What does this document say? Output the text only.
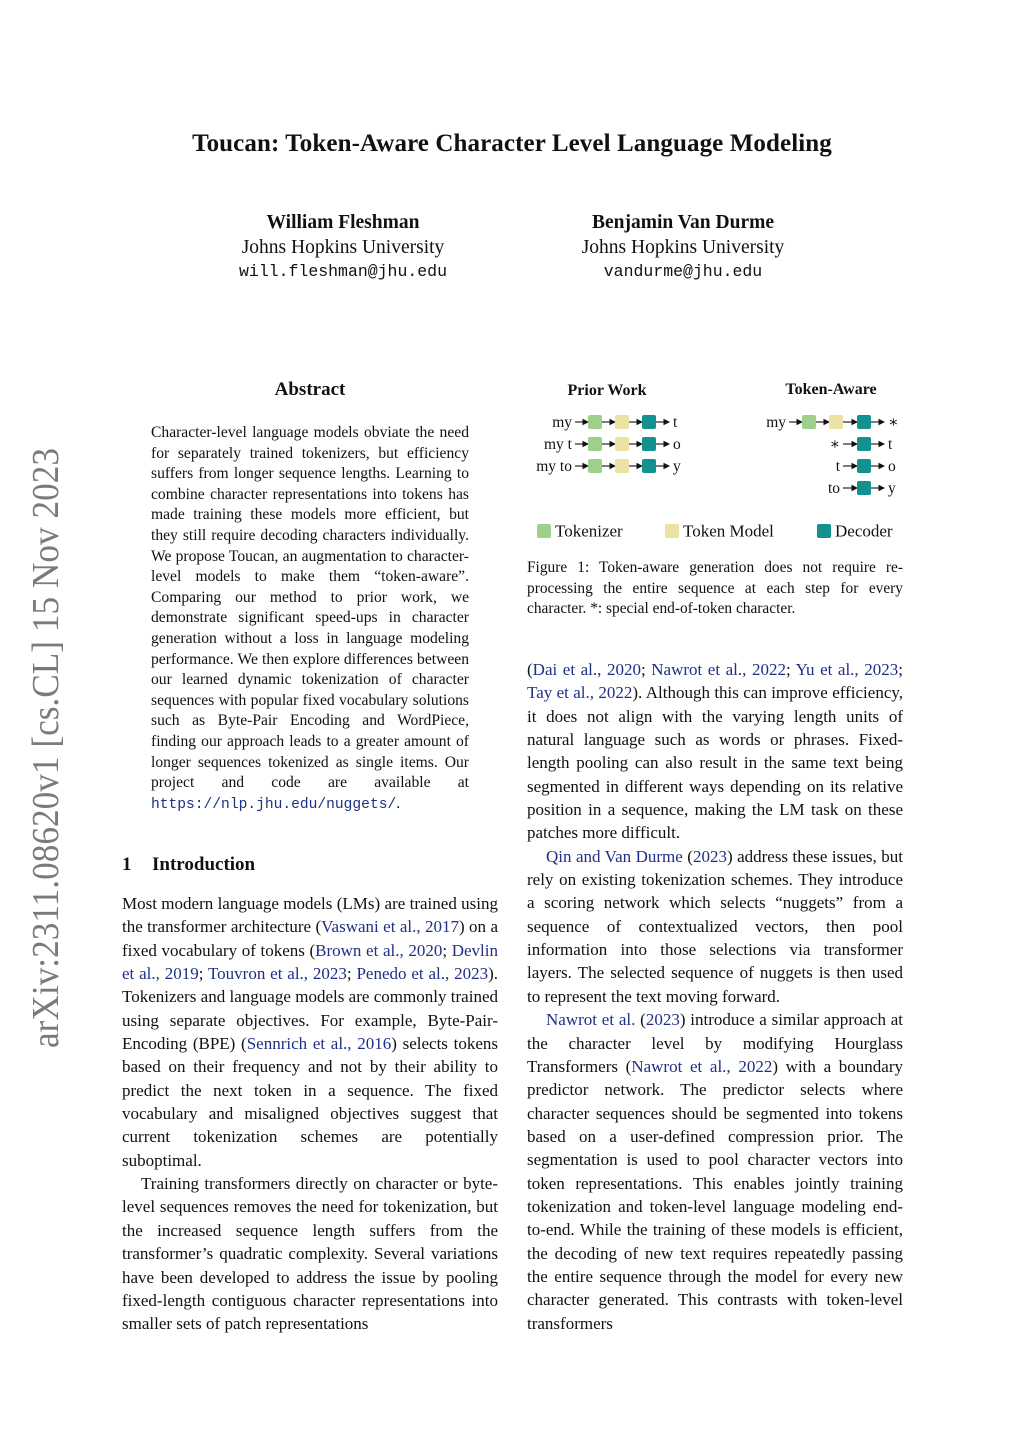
arXiv:2311.08620v1 [cs.CL] 15 Nov 2023
Toucan: Token-Aware Character Level Language Modeling
William Fleshman
Johns Hopkins University
will.fleshman@jhu.edu
Benjamin Van Durme
Johns Hopkins University
vandurme@jhu.edu
Abstract
Character-level language models obviate the need for separately trained tokenizers, but efficiency suffers from longer sequence lengths. Learning to combine character representations into tokens has made training these models more efficient, but they still require decoding characters individually. We propose Toucan, an augmentation to character-level models to make them “token-aware”. Comparing our method to prior work, we demonstrate significant speed-ups in character generation without a loss in language modeling performance. We then explore differences between our learned dynamic tokenization of character sequences with popular fixed vocabulary solutions such as Byte-Pair Encoding and WordPiece, finding our approach leads to a greater amount of longer sequences tokenized as single items. Our project and code are available at https://nlp.jhu.edu/nuggets/.
1 Introduction

Most modern language models (LMs) are trained using the transformer architecture (Vaswani et al., 2017) on a fixed vocabulary of tokens (Brown et al., 2020; Devlin et al., 2019; Touvron et al., 2023; Penedo et al., 2023). Tokenizers and language models are commonly trained using separate objectives. For example, Byte-Pair-Encoding (BPE) (Sennrich et al., 2016) selects tokens based on their frequency and not by their ability to predict the next token in a sequence. The fixed vocabulary and misaligned objectives suggest that current tokenization schemes are potentially suboptimal.

Training transformers directly on character or byte-level sequences removes the need for tokenization, but the increased sequence length suffers from the transformer’s quadratic complexity. Several variations have been developed to address the issue by pooling fixed-length contiguous character representations into smaller sets of patch representations

Prior Work	Token-Aware
my	t
my t	o
my to	y
my	∗
∗	t
t	o
to	y
Tokenizer	Token Model	Decoder
Figure 1: Token-aware generation does not require re-processing the entire sequence at each step for every character. *: special end-of-token character.

(Dai et al., 2020; Nawrot et al., 2022; Yu et al., 2023; Tay et al., 2022). Although this can improve efficiency, it does not align with the varying length units of natural language such as words or phrases. Fixed-length pooling can also result in the same text being segmented in different ways depending on its relative position in a sequence, making the LM task on these patches more difficult.

Qin and Van Durme (2023) address these issues, but rely on existing tokenization schemes. They introduce a scoring network which selects “nuggets” from a sequence of contextualized vectors, then pool information into those selections via transformer layers. The selected sequence of nuggets is then used to represent the text moving forward.

Nawrot et al. (2023) introduce a similar approach at the character level by modifying Hourglass Transformers (Nawrot et al., 2022) with a boundary predictor network. The predictor selects where character sequences should be segmented into tokens based on a user-defined compression prior. The segmentation is used to pool character vectors into token representations. This enables jointly training tokenization and token-level language modeling end-to-end. While the training of these models is efficient, the decoding of new text requires repeatedly passing the entire sequence through the model for every new character generated. This contrasts with token-level transformers
